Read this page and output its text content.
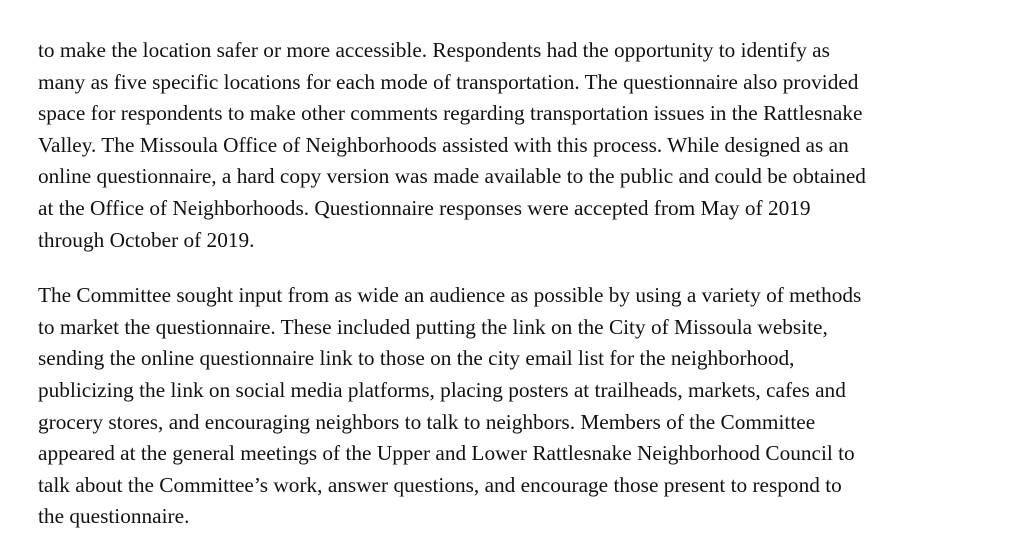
to make the location safer or more accessible. Respondents had the opportunity to identify as
many as five specific locations for each mode of transportation. The questionnaire also provided
space for respondents to make other comments regarding transportation issues in the Rattlesnake
Valley. The Missoula Office of Neighborhoods assisted with this process. While designed as an
online questionnaire, a hard copy version was made available to the public and could be obtained
at the Office of Neighborhoods. Questionnaire responses were accepted from May of 2019
through October of 2019.

The Committee sought input from as wide an audience as possible by using a variety of methods
to market the questionnaire. These included putting the link on the City of Missoula website,
sending the online questionnaire link to those on the city email list for the neighborhood,
publicizing the link on social media platforms, placing posters at trailheads, markets, cafes and
grocery stores, and encouraging neighbors to talk to neighbors. Members of the Committee
appeared at the general meetings of the Upper and Lower Rattlesnake Neighborhood Council to
talk about the Committee’s work, answer questions, and encourage those present to respond to
the questionnaire.
